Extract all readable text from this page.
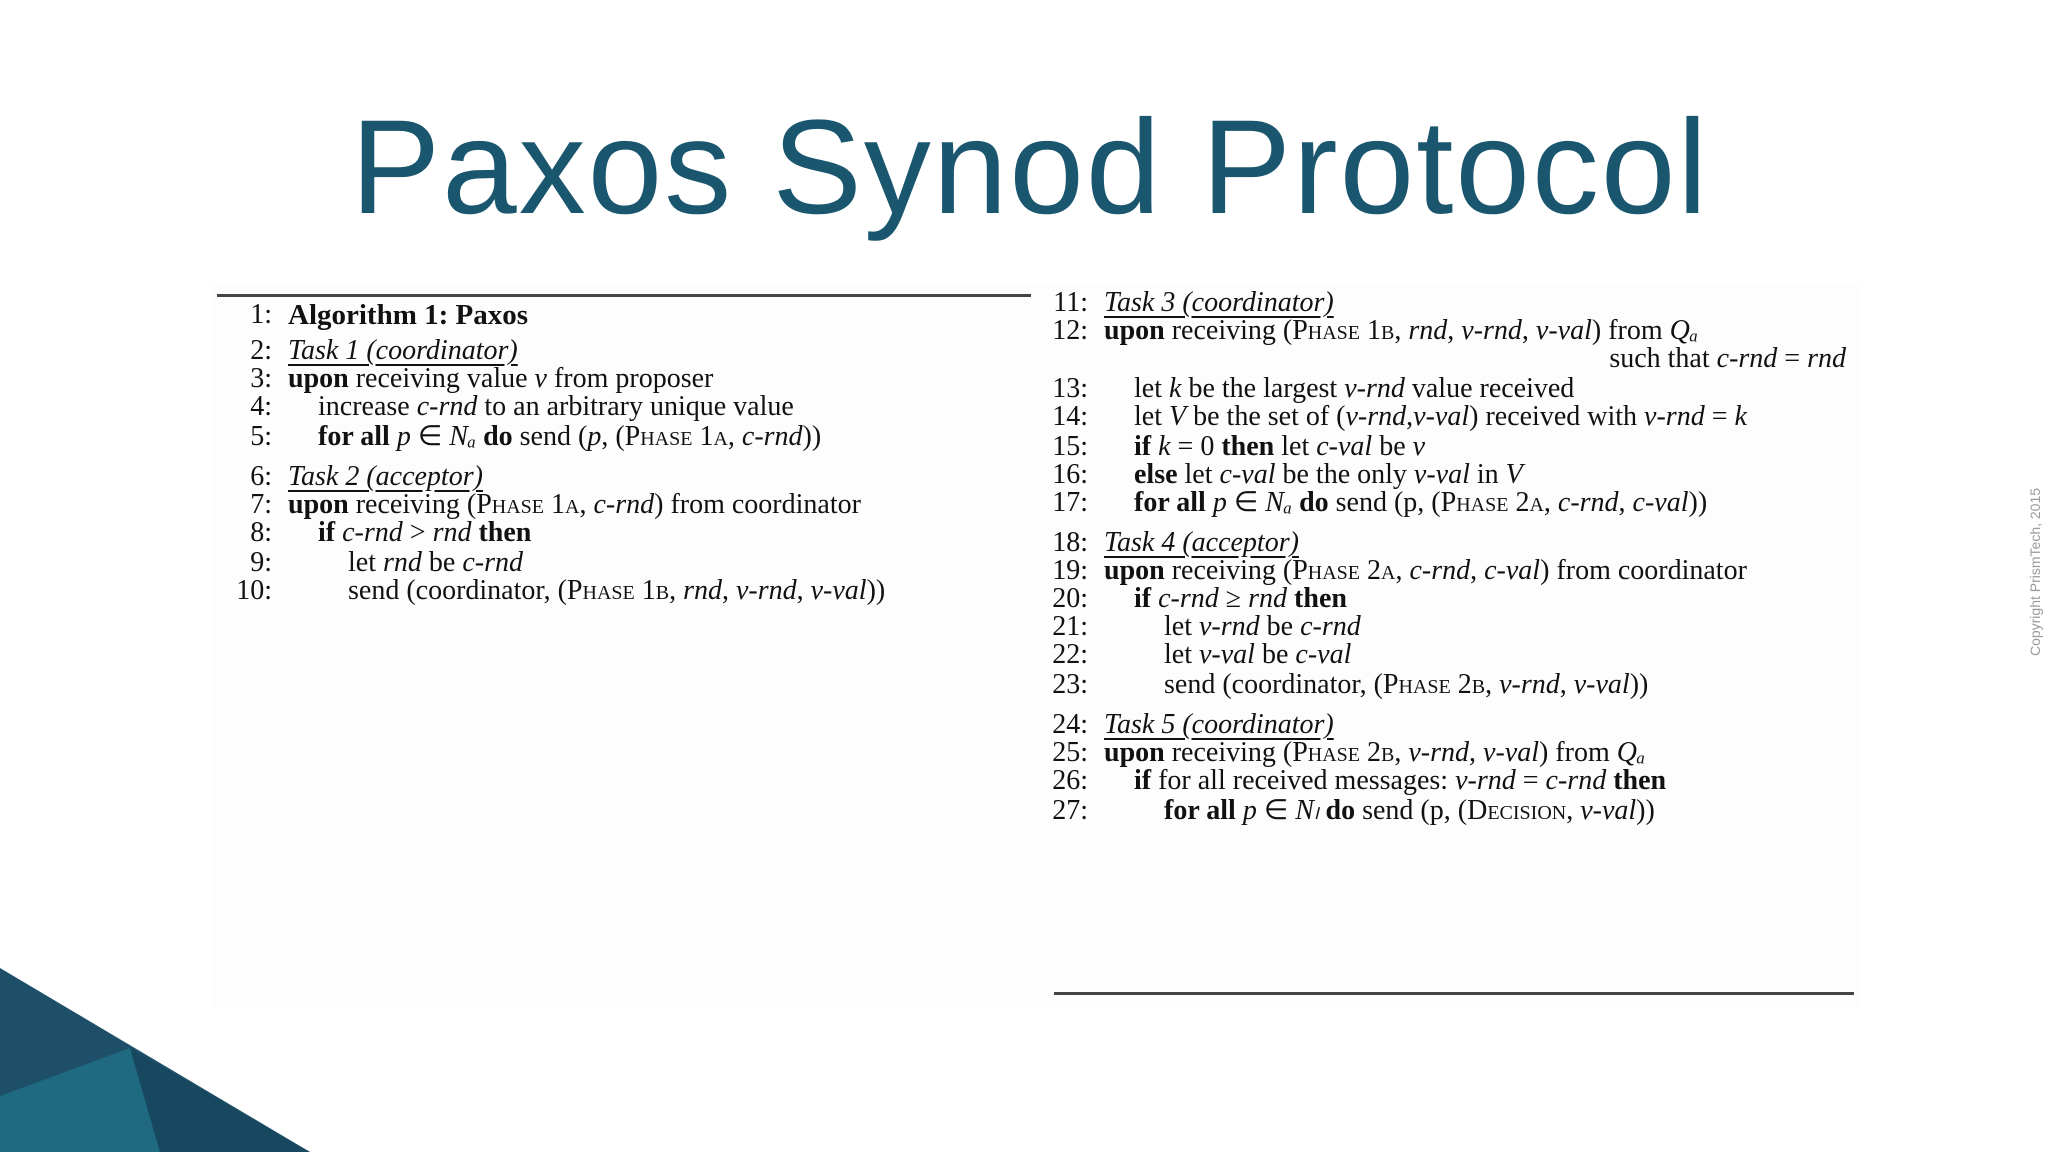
Paxos Synod Protocol
1: Algorithm 1: Paxos
2: Task 1 (coordinator)
3: upon receiving value v from proposer
4:	increase c-rnd to an arbitrary unique value
5:	for all p ∈ Nₐ do send (p, (Phase 1a, c-rnd))
6: Task 2 (acceptor)
7: upon receiving (Phase 1a, c-rnd) from coordinator
8:	if c-rnd > rnd then
9:	let rnd be c-rnd
10:	send (coordinator, (Phase 1b, rnd, v-rnd, v-val))
11: Task 3 (coordinator)
12: upon receiving (Phase 1b, rnd, v-rnd, v-val) from Qₐ
such that c-rnd = rnd
13:	let k be the largest v-rnd value received
14:	let V be the set of (v-rnd,v-val) received with v-rnd = k
15:	if k = 0 then let c-val be v
16:	else let c-val be the only v-val in V
17:	for all p ∈ Nₐ do send (p, (Phase 2a, c-rnd, c-val))
18: Task 4 (acceptor)
19: upon receiving (Phase 2a, c-rnd, c-val) from coordinator
20:	if c-rnd ≥ rnd then
21:	let v-rnd be c-rnd
22:	let v-val be c-val
23:	send (coordinator, (Phase 2b, v-rnd, v-val))
24: Task 5 (coordinator)
25: upon receiving (Phase 2b, v-rnd, v-val) from Qₐ
26:	if for all received messages: v-rnd = c-rnd then
27:	for all p ∈ Nₗ do send (p, (Decision, v-val))
Copyright PrismTech, 2015
